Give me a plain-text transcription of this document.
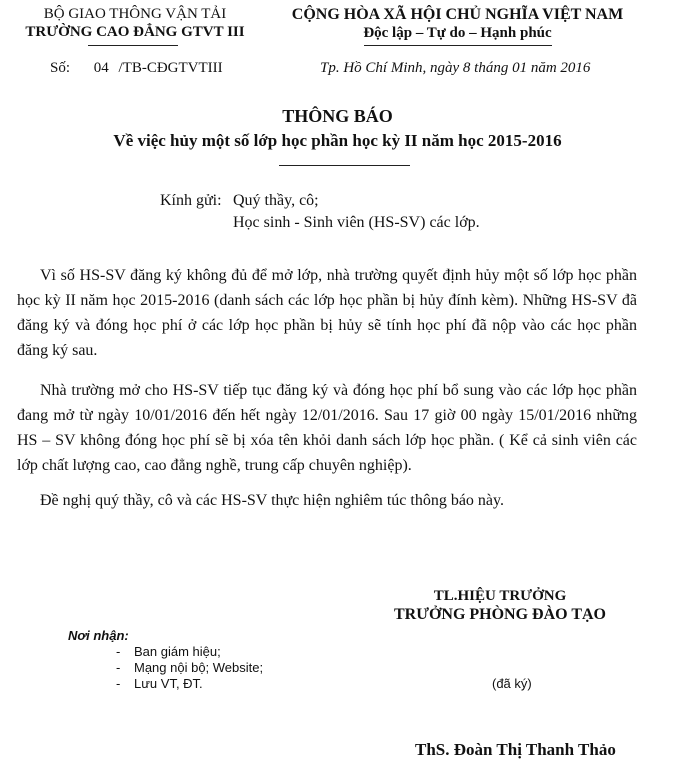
BỘ GIAO THÔNG VẬN TẢI
TRƯỜNG CAO ĐẲNG GTVT III
Số: 04 /TB-CĐGTVTIII
CỘNG HÒA XÃ HỘI CHỦ NGHĨA VIỆT NAM
Độc lập – Tự do – Hạnh phúc
Tp. Hồ Chí Minh, ngày 8 tháng 01 năm 2016
THÔNG BÁO
Về việc hủy một số lớp học phần học kỳ II năm học 2015-2016
Kính gửi: Quý thầy, cô;
Học sinh - Sinh viên (HS-SV) các lớp.
Vì số HS-SV đăng ký không đủ để mở lớp, nhà trường quyết định hủy một số lớp học phần học kỳ II năm học 2015-2016 (danh sách các lớp học phần bị hủy đính kèm). Những HS-SV đã đăng ký và đóng học phí ở các lớp học phần bị hủy sẽ tính học phí đã nộp vào các học phần đăng ký sau.
Nhà trường mở cho HS-SV tiếp tục đăng ký và đóng học phí bổ sung vào các lớp học phần đang mở từ ngày 10/01/2016 đến hết ngày 12/01/2016. Sau 17 giờ 00 ngày 15/01/2016 những HS – SV không đóng học phí sẽ bị xóa tên khỏi danh sách lớp học phần. ( Kể cả sinh viên các lớp chất lượng cao, cao đẳng nghề, trung cấp chuyên nghiệp).
Đề nghị quý thầy, cô và các HS-SV thực hiện nghiêm túc thông báo này.
TL.HIỆU TRƯỞNG
TRƯỞNG PHÒNG ĐÀO TẠO
(đã ký)
ThS. Đoàn Thị Thanh Thảo
Nơi nhận:
- Ban giám hiệu;
- Mạng nội bộ; Website;
- Lưu VT, ĐT.
